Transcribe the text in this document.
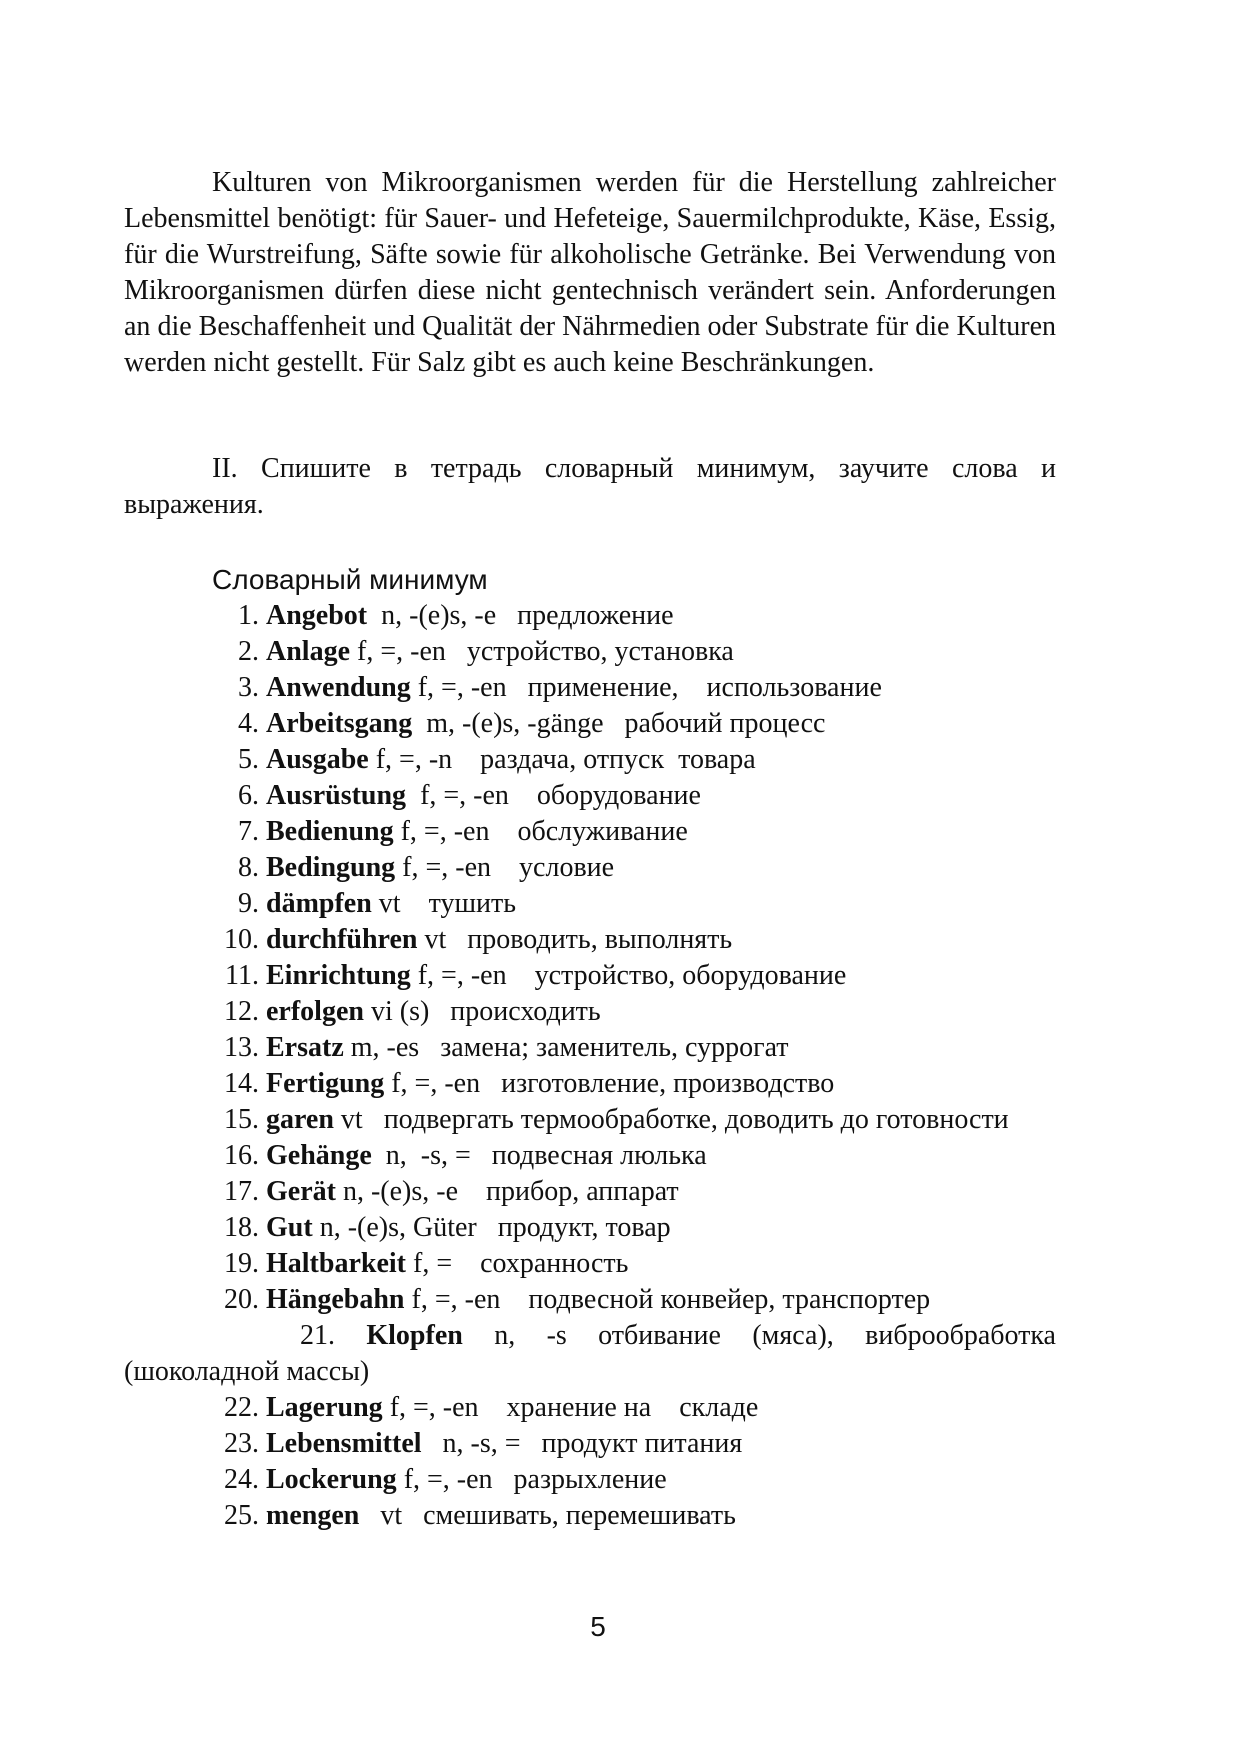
Kulturen von Mikroorganismen werden für die Herstellung zahlreicher Lebensmittel benötigt: für Sauer- und Hefeteige, Sauermilchprodukte, Käse, Essig, für die Wurstreifung, Säfte sowie für alkoholische Getränke. Bei Verwendung von Mikroorganismen dürfen diese nicht gentechnisch verändert sein. Anforderungen an die Beschaffenheit und Qualität der Nährmedien oder Substrate für die Kulturen werden nicht gestellt. Für Salz gibt es auch keine Beschränkungen.

II. Спишите в тетрадь словарный минимум, заучите слова и выражения.

Словарный минимум

1. Angebot  n, -(e)s, -e   предложение
2. Anlage f, =, -en   устройство, установка
3. Anwendung f, =, -en   применение,    использование
4. Arbeitsgang  m, -(e)s, -gänge   рабочий процесс
5. Ausgabe f, =, -n    раздача, отпуск  товара
6. Ausrüstung  f, =, -en    оборудование
7. Bedienung f, =, -en    обслуживание
8. Bedingung f, =, -en    условие
9. dämpfen vt    тушить
10. durchführen vt   проводить, выполнять
11. Einrichtung f, =, -en    устройство, оборудование
12. erfolgen vi (s)   происходить
13. Ersatz m, -es   замена; заменитель, суррогат
14. Fertigung f, =, -en   изготовление, производство
15. garen vt   подвергать термообработке, доводить до готовности
16. Gehänge  n,  -s, =   подвесная люлька
17. Gerät n, -(e)s, -e    прибор, аппарат
18. Gut n, -(e)s, Güter   продукт, товар
19. Haltbarkeit f, =    сохранность
20. Hängebahn f, =, -en    подвесной конвейер, транспортер
21. Klopfen n, -s отбивание (мяса), виброобработка (шоколадной массы)
22. Lagerung f, =, -en    хранение на    складе
23. Lebensmittel   n, -s, =   продукт питания
24. Lockerung f, =, -en   разрыхление
25. mengen   vt   смешивать, перемешивать

5
